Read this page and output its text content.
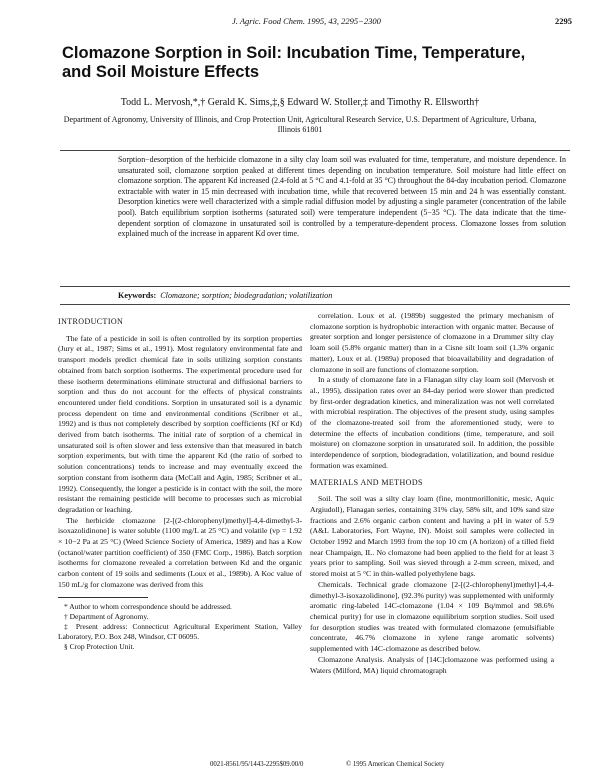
J. Agric. Food Chem. 1995, 43, 2295−2300	2295
Clomazone Sorption in Soil: Incubation Time, Temperature, and Soil Moisture Effects
Todd L. Mervosh,*,† Gerald K. Sims,‡,§ Edward W. Stoller,‡ and Timothy R. Ellsworth†
Department of Agronomy, University of Illinois, and Crop Protection Unit, Agricultural Research Service, U.S. Department of Agriculture, Urbana, Illinois 61801
Sorption−desorption of the herbicide clomazone in a silty clay loam soil was evaluated for time, temperature, and moisture dependence. In unsaturated soil, clomazone sorption peaked at different times depending on incubation temperature. Soil moisture had little effect on clomazone sorption. The apparent Kd increased (2.4-fold at 5 °C and 4.1-fold at 35 °C) throughout the 84-day incubation period. Clomazone extractable with water in 15 min decreased with incubation time, while that recovered between 15 min and 24 h was essentially constant. Desorption kinetics were well characterized with a simple radial diffusion model by adjusting a single parameter (concentration of the labile pool). Batch equilibrium sorption isotherms (saturated soil) were temperature independent (5−35 °C). The data indicate that the time-dependent sorption of clomazone in unsaturated soil is controlled by a temperature-dependent process. Clomazone losses from solution explained much of the increase in apparent Kd over time.
Keywords: Clomazone; sorption; biodegradation; volatilization
INTRODUCTION

The fate of a pesticide in soil is often controlled by its sorption properties (Jury et al., 1987; Sims et al., 1991). Most regulatory environmental fate and transport models predict chemical fate in soils utilizing sorption constants obtained from batch sorption isotherms. The experimental procedure used for these isotherm determinations eliminate structural and diffusional barriers to sorption and thus do not account for the effects of physical constraints encountered under field conditions. Sorption in unsaturated soil is a dynamic process dependent on time and environmental conditions (Scribner et al., 1992) and is thus not completely described by sorption coefficients (Kf or Kd) derived from batch isotherms. The initial rate of sorption of a chemical in unsaturated soil is often slower and less extensive than that measured in batch sorption experiments, but with time the apparent Kd (the ratio of sorbed to solution concentrations) tends to increase and may eventually exceed the sorption constant from isotherm data (McCall and Agin, 1985; Scribner et al., 1992). Consequently, the longer a pesticide is in contact with the soil, the more resistant the remaining pesticide will become to processes such as microbial degradation or leaching.

The herbicide clomazone [2-[(2-chlorophenyl)methyl]-4,4-dimethyl-3-isoxazolidinone] is water soluble (1100 mg/L at 25 °C) and volatile (vp = 1.92 × 10−2 Pa at 25 °C) (Weed Science Society of America, 1989) and has a Kow (octanol/water partition coefficient) of 350 (FMC Corp., 1986). Batch sorption isotherms for clomazone revealed a correlation between Kd and the organic carbon content of 19 soils and sediments (Loux et al., 1989b). A Koc value of 150 mL/g for clomazone was derived from this

* Author to whom correspondence should be addressed.

† Department of Agronomy.

‡ Present address: Connecticut Agricultural Experiment Station, Valley Laboratory, P.O. Box 248, Windsor, CT 06095.

§ Crop Protection Unit.

correlation. Loux et al. (1989b) suggested the primary mechanism of clomazone sorption is hydrophobic interaction with organic matter. Because of greater sorption and longer persistence of clomazone in a Drummer silty clay loam soil (5.8% organic matter) than in a Cisne silt loam soil (1.3% organic matter), Loux et al. (1989a) proposed that bioavailability and degradation of clomazone in soil are functions of clomazone sorption.

In a study of clomazone fate in a Flanagan silty clay loam soil (Mervosh et al., 1995), dissipation rates over an 84-day period were slower than predicted by first-order degradation kinetics, and mineralization was not well correlated with microbial respiration. The objectives of the present study, using samples of the clomazone-treated soil from the aforementioned study, were to determine the effects of incubation conditions (time, temperature, and soil moisture) on clomazone sorption in unsaturated soil. In addition, the possible interdependence of sorption, biodegradation, volatilization, and bound residue formation was examined.

MATERIALS AND METHODS

Soil. The soil was a silty clay loam (fine, montmorillonitic, mesic, Aquic Argiudoll), Flanagan series, containing 31% clay, 58% silt, and 10% sand size fractions and 2.6% organic carbon content and having a pH in water of 5.9 (A&L Laboratories, Fort Wayne, IN). Moist soil samples were collected in October 1992 and March 1993 from the top 10 cm (A horizon) of a tilled field near Champaign, IL. No clomazone had been applied to the field for at least 3 years prior to sampling. Soil was sieved through a 2-mm screen, mixed, and stored moist at 5 °C in thin-walled polyethylene bags.

Chemicals. Technical grade clomazone [2-[(2-chlorophenyl)methyl]-4,4-dimethyl-3-isoxazolidinone], (92.3% purity) was supplemented with uniformly aromatic ring-labeled 14C-clomazone (1.04 × 109 Bq/mmol and 98.6% chemical purity) for use in clomazone equilibrium sorption studies. Soil used for desorption studies was treated with formulated clomazone (emulsifiable concentrate, 46.7% clomazone in xylene range aromatic solvents) supplemented with 14C-clomazone as described below.

Clomazone Analysis. Analysis of [14C]clomazone was performed using a Waters (Milford, MA) liquid chromatograph

0021-8561/95/1443-2295$09.00/0	© 1995 American Chemical Society
